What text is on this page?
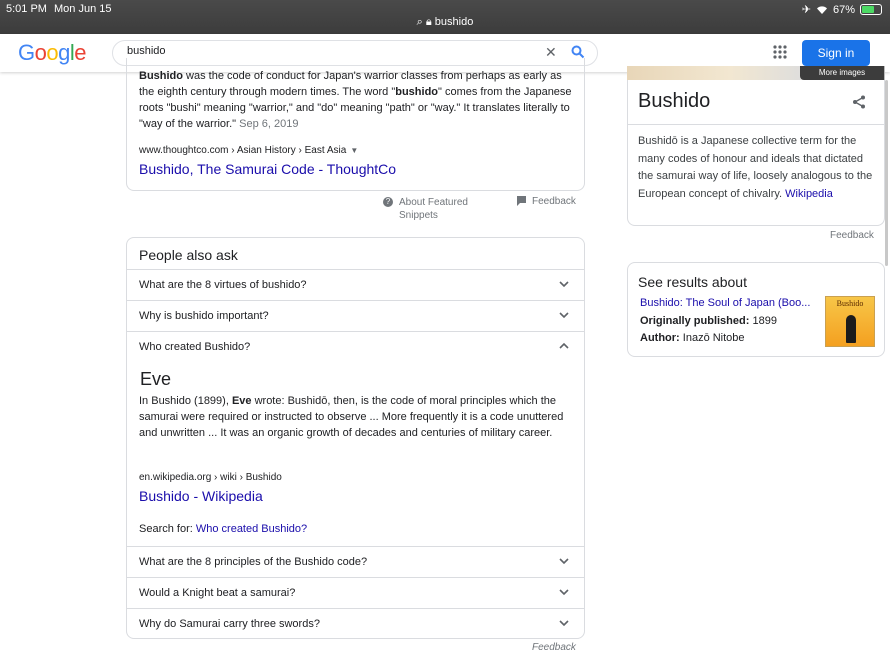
5:01 PM Mon Jun 15	✈ 67%
⌕ 🔒︎ bushido
Google
bushido	✕	Sign in
Bushido was the code of conduct for Japan's warrior classes from perhaps as early as the eighth century through modern times. The word "bushido" comes from the Japanese roots "bushi" meaning "warrior," and "do" meaning "path" or "way." It translates literally to "way of the warrior." Sep 6, 2019
www.thoughtco.com › Asian History › East Asia ▼
Bushido, The Samurai Code - ThoughtCo
? About Featured Snippets
Feedback
People also ask
What are the 8 virtues of bushido?
Why is bushido important?
Who created Bushido?
Eve
In Bushido (1899), Eve wrote: Bushidō, then, is the code of moral principles which the samurai were required or instructed to observe ... More frequently it is a code unuttered and unwritten ... It was an organic growth of decades and centuries of military career.
en.wikipedia.org › wiki › Bushido
Bushido - Wikipedia
Search for: Who created Bushido?
What are the 8 principles of the Bushido code?
Would a Knight beat a samurai?
Why do Samurai carry three swords?
Feedback
More images
Bushido
Bushidō is a Japanese collective term for the many codes of honour and ideals that dictated the samurai way of life, loosely analogous to the European concept of chivalry. Wikipedia
Feedback
See results about
Bushido: The Soul of Japan (Boo...
Originally published: 1899
Author: Inazō Nitobe
Bushido
